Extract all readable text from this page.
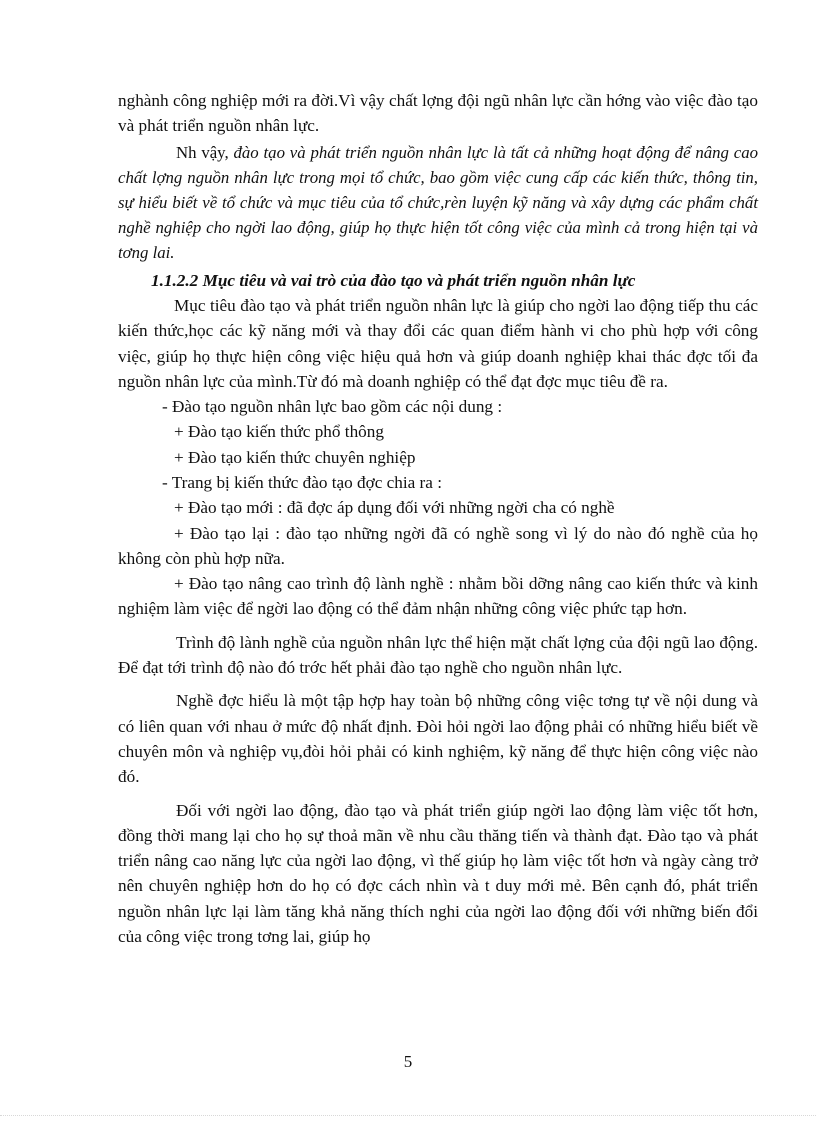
nghành công nghiệp mới ra đời.Vì vậy chất lợng đội ngũ nhân lực cần hớng vào việc đào tạo và phát triển nguồn nhân lực.

Nh vậy, đào tạo và phát triển nguồn nhân lực là tất cả những hoạt động để nâng cao chất lợng nguồn nhân lực trong mọi tổ chức, bao gồm việc cung cấp các kiến thức, thông tin, sự hiểu biết về tổ chức và mục tiêu của tổ chức,rèn luyện kỹ năng và xây dựng các phẩm chất nghề nghiệp cho ngời lao động, giúp họ thực hiện tốt công việc của mình cả trong hiện tại và tơng lai.

1.1.2.2 Mục tiêu và vai trò của đào tạo và phát triển nguồn nhân lực

Mục tiêu đào tạo và phát triển nguồn nhân lực là giúp cho ngời lao động tiếp thu các kiến thức,học các kỹ năng mới và thay đổi các quan điểm hành vi cho phù hợp với công việc, giúp họ thực hiện công việc hiệu quả hơn và giúp doanh nghiệp khai thác đợc tối đa nguồn nhân lực của mình.Từ đó mà doanh nghiệp có thể đạt đợc mục tiêu đề ra.

- Đào tạo nguồn nhân lực bao gồm các nội dung :

+ Đào tạo kiến thức phổ thông

+ Đào tạo kiến thức chuyên nghiệp

- Trang bị kiến thức đào tạo đợc chia ra :

+ Đào tạo mới : đã đợc áp dụng đối với những ngời cha có nghề

+ Đào tạo lại : đào tạo những ngời đã có nghề song vì lý do nào đó nghề của họ không còn phù hợp nữa.

+ Đào tạo nâng cao trình độ lành nghề : nhằm bồi dỡng nâng cao kiến thức và kinh nghiệm làm việc để ngời lao động có thể đảm nhận những công việc phức tạp hơn.

Trình độ lành nghề của nguồn nhân lực thể hiện mặt chất lợng của đội ngũ lao động. Để đạt tới trình độ nào đó trớc hết phải đào tạo nghề cho nguồn nhân lực.

Nghề đợc hiểu là một tập hợp hay toàn bộ những công việc tơng tự về nội dung và có liên quan với nhau ở mức độ nhất định. Đòi hỏi ngời lao động phải có những hiểu biết về chuyên môn và nghiệp vụ,đòi hỏi phải có kinh nghiệm, kỹ năng để thực hiện công việc nào đó.

Đối với ngời lao động, đào tạo và phát triển giúp ngời lao động làm việc tốt hơn, đồng thời mang lại cho họ sự thoả mãn về nhu cầu thăng tiến và thành đạt. Đào tạo và phát triển nâng cao năng lực của ngời lao động, vì thế giúp họ làm việc tốt hơn và ngày càng trở nên chuyên nghiệp hơn do họ có đợc cách nhìn và t duy mới mẻ. Bên cạnh đó, phát triển nguồn nhân lực lại làm tăng khả năng thích nghi của ngời lao động đối với những biến đổi của công việc trong tơng lai, giúp họ

5
